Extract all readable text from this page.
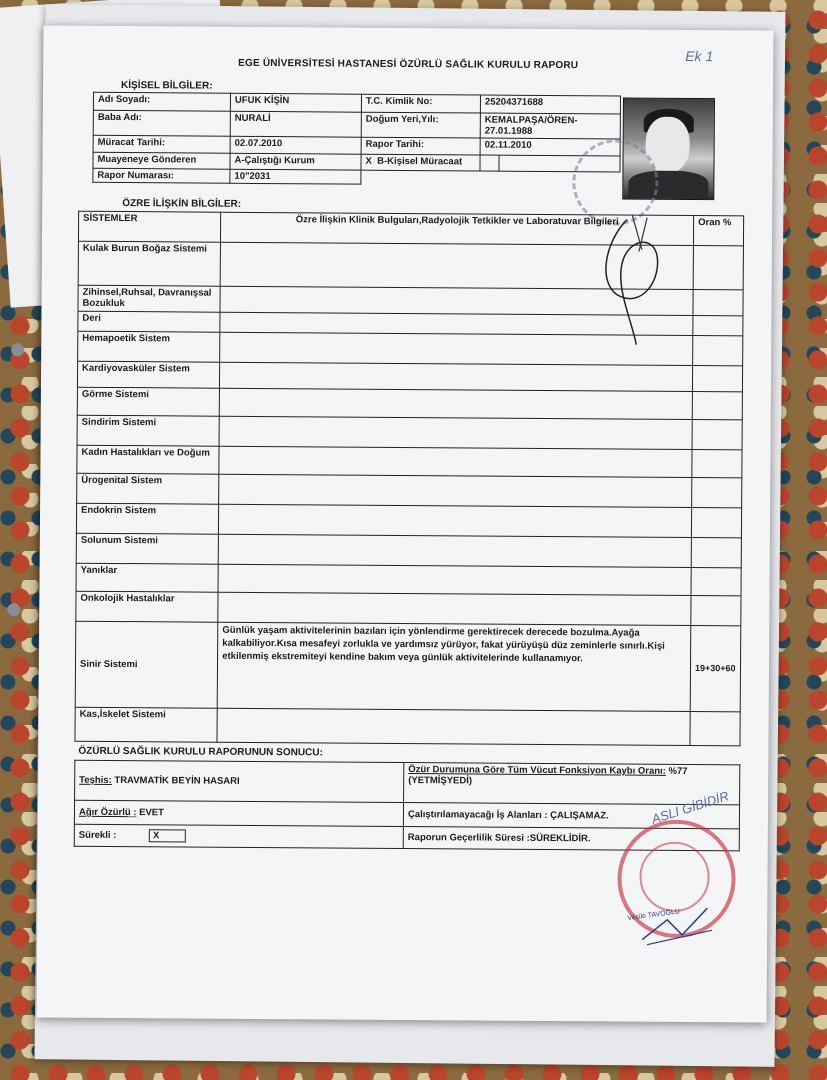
Ek 1
EGE ÜNİVERSİTESİ HASTANESİ ÖZÜRLÜ SAĞLIK KURULU RAPORU
KİŞİSEL BİLGİLER:
Adı Soyadı:	UFUK KİŞİN	T.C. Kimlik No:	25204371688	
Baba Adı:	NURALİ	Doğum Yeri,Yılı:	KEMALPAŞA/ÖREN-27.01.1988	
Müracat Tarihi:	02.07.2010	Rapor Tarihi:	02.11.2010	
Muayeneye Gönderen	A-Çalıştığı Kurum	X B-Kişisel Müracaat		
Rapor Numarası:	10"2031			
ÖZRE İLİŞKİN BİLGİLER:
SİSTEMLER	Özre İlişkin Klinik Bulguları,Radyolojik Tetkikler ve Laboratuvar Bilgileri	Oran %
Kulak Burun Boğaz Sistemi		
Zihinsel,Ruhsal, Davranışsal Bozukluk		
Deri		
Hemapoetik Sistem		
Kardiyovasküler Sistem		
Görme Sistemi		
Sindirim Sistemi		
Kadın Hastalıkları ve Doğum		
Ürogenital Sistem		
Endokrin Sistem		
Solunum Sistemi		
Yanıklar		
Onkolojik Hastalıklar		
Sinir Sistemi	Günlük yaşam aktivitelerinin bazıları için yönlendirme gerektirecek derecede bozulma.Ayağa kalkabiliyor.Kısa mesafeyi zorlukla ve yardımsız yürüyor, fakat yürüyüşü düz zeminlerle sınırlı.Kişi etkilenmiş ekstremiteyi kendine bakım veya günlük aktivitelerinde kullanamıyor.	19+30+60
Kas,İskelet Sistemi		
ÖZÜRLÜ SAĞLIK KURULU RAPORUNUN SONUCU:
Teşhis: TRAVMATİK BEYİN HASARI	Özür Durumuna Göre Tüm Vücut Fonksiyon Kaybı Oranı: %77 (YETMİŞYEDİ)
Ağır Özürlü : EVET	Çalıştırılamayacağı İş Alanları : ÇALIŞAMAZ.
Sürekli : X	Raporun Geçerlilik Süresi :SÜREKLİDİR.
ASLI GİBİDİR
Vesile TAVOĞLU
